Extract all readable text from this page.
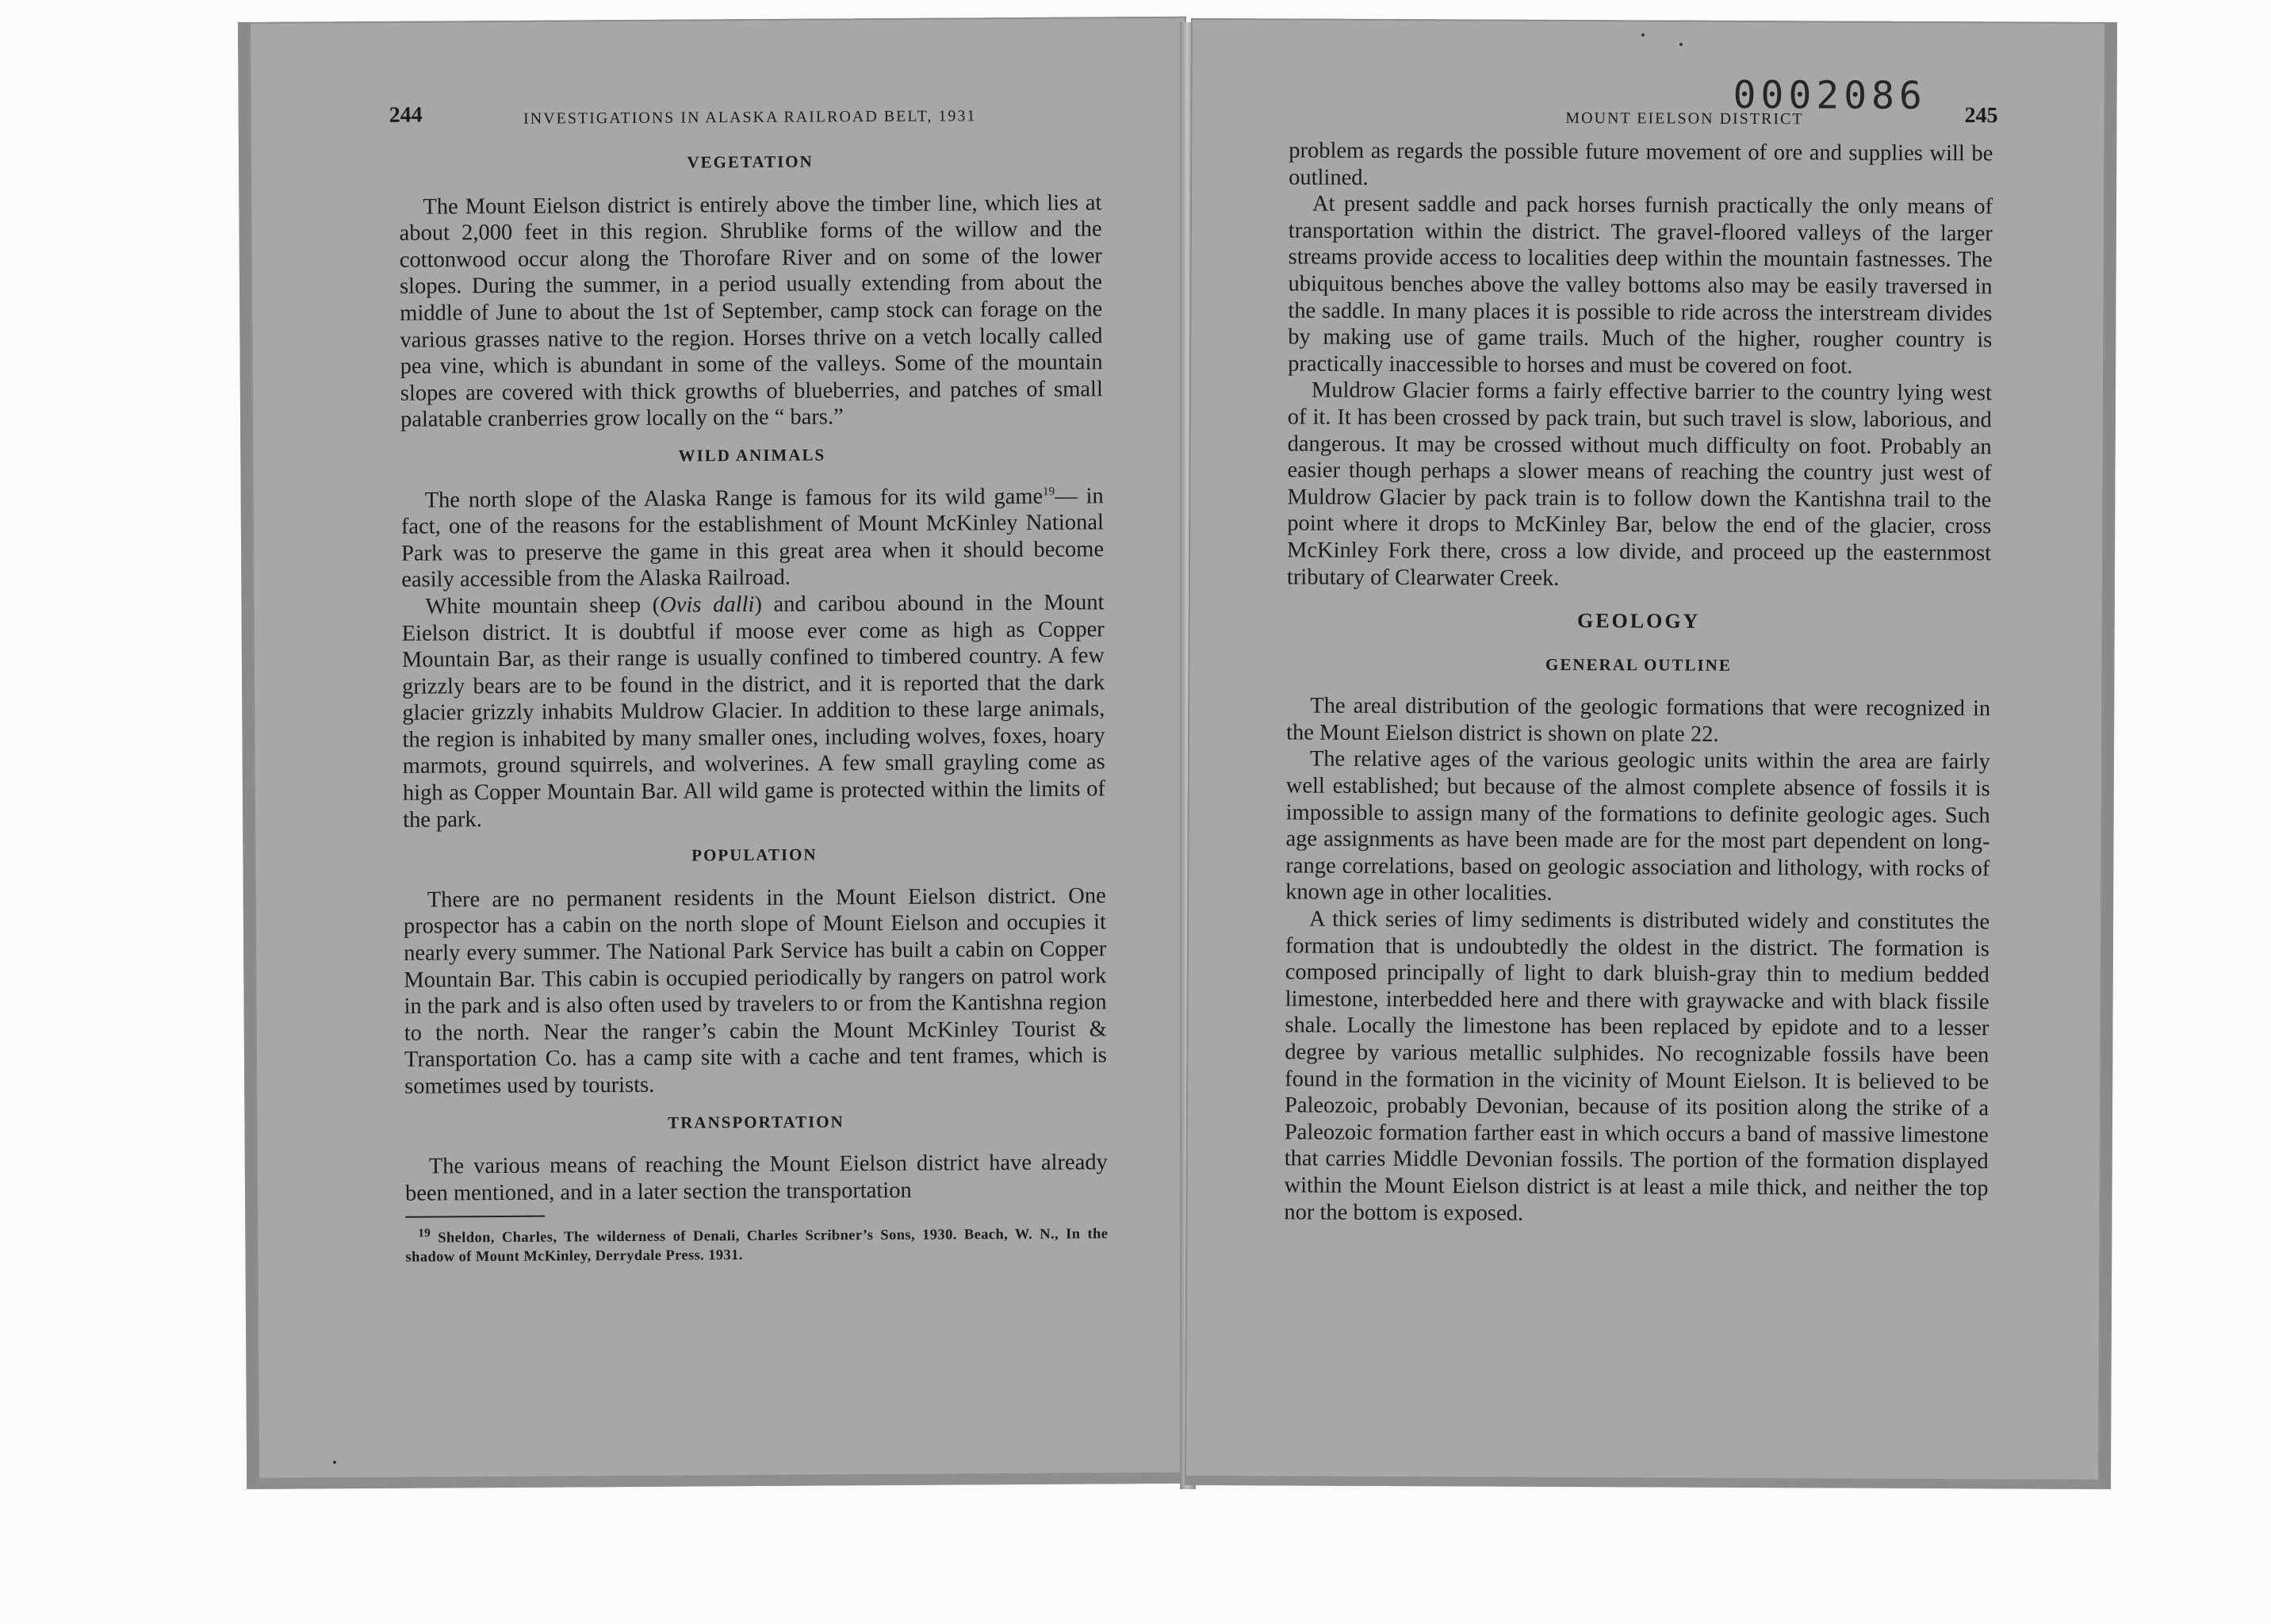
244	INVESTIGATIONS IN ALASKA RAILROAD BELT, 1931
VEGETATION

The Mount Eielson district is entirely above the timber line, which lies at about 2,000 feet in this region. Shrublike forms of the willow and the cottonwood occur along the Thorofare River and on some of the lower slopes. During the summer, in a period usually extending from about the middle of June to about the 1st of September, camp stock can forage on the various grasses native to the region. Horses thrive on a vetch locally called pea vine, which is abundant in some of the valleys. Some of the mountain slopes are covered with thick growths of blueberries, and patches of small palatable cranberries grow locally on the “ bars.”

WILD ANIMALS

The north slope of the Alaska Range is famous for its wild game$^{19}$— in fact, one of the reasons for the establishment of Mount McKinley National Park was to preserve the game in this great area when it should become easily accessible from the Alaska Railroad.

White mountain sheep (Ovis dalli) and caribou abound in the Mount Eielson district. It is doubtful if moose ever come as high as Copper Mountain Bar, as their range is usually confined to timbered country. A few grizzly bears are to be found in the district, and it is reported that the dark glacier grizzly inhabits Muldrow Glacier. In addition to these large animals, the region is inhabited by many smaller ones, including wolves, foxes, hoary marmots, ground squirrels, and wolverines. A few small grayling come as high as Copper Mountain Bar. All wild game is protected within the limits of the park.

POPULATION

There are no permanent residents in the Mount Eielson district. One prospector has a cabin on the north slope of Mount Eielson and occupies it nearly every summer. The National Park Service has built a cabin on Copper Mountain Bar. This cabin is occupied periodically by rangers on patrol work in the park and is also often used by travelers to or from the Kantishna region to the north. Near the ranger’s cabin the Mount McKinley Tourist & Transportation Co. has a camp site with a cache and tent frames, which is sometimes used by tourists.

TRANSPORTATION

The various means of reaching the Mount Eielson district have already been mentioned, and in a later section the transportation

$^{19}$ Sheldon, Charles, The wilderness of Denali, Charles Scribner’s Sons, 1930. Beach, W. N., In the shadow of Mount McKinley, Derrydale Press. 1931.
MOUNT EIELSON DISTRICT
0002086 245

problem as regards the possible future movement of ore and supplies will be outlined.

At present saddle and pack horses furnish practically the only means of transportation within the district. The gravel-floored valleys of the larger streams provide access to localities deep within the mountain fastnesses. The ubiquitous benches above the valley bottoms also may be easily traversed in the saddle. In many places it is possible to ride across the interstream divides by making use of game trails. Much of the higher, rougher country is practically inaccessible to horses and must be covered on foot.

Muldrow Glacier forms a fairly effective barrier to the country lying west of it. It has been crossed by pack train, but such travel is slow, laborious, and dangerous. It may be crossed without much difficulty on foot. Probably an easier though perhaps a slower means of reaching the country just west of Muldrow Glacier by pack train is to follow down the Kantishna trail to the point where it drops to McKinley Bar, below the end of the glacier, cross McKinley Fork there, cross a low divide, and proceed up the easternmost tributary of Clearwater Creek.

GEOLOGY
GENERAL OUTLINE

The areal distribution of the geologic formations that were recognized in the Mount Eielson district is shown on plate 22.

The relative ages of the various geologic units within the area are fairly well established; but because of the almost complete absence of fossils it is impossible to assign many of the formations to definite geologic ages. Such age assignments as have been made are for the most part dependent on long-range correlations, based on geologic association and lithology, with rocks of known age in other localities.

A thick series of limy sediments is distributed widely and constitutes the formation that is undoubtedly the oldest in the district. The formation is composed principally of light to dark bluish-gray thin to medium bedded limestone, interbedded here and there with graywacke and with black fissile shale. Locally the limestone has been replaced by epidote and to a lesser degree by various metallic sulphides. No recognizable fossils have been found in the formation in the vicinity of Mount Eielson. It is believed to be Paleozoic, probably Devonian, because of its position along the strike of a Paleozoic formation farther east in which occurs a band of massive limestone that carries Middle Devonian fossils. The portion of the formation displayed within the Mount Eielson district is at least a mile thick, and neither the top nor the bottom is exposed.
